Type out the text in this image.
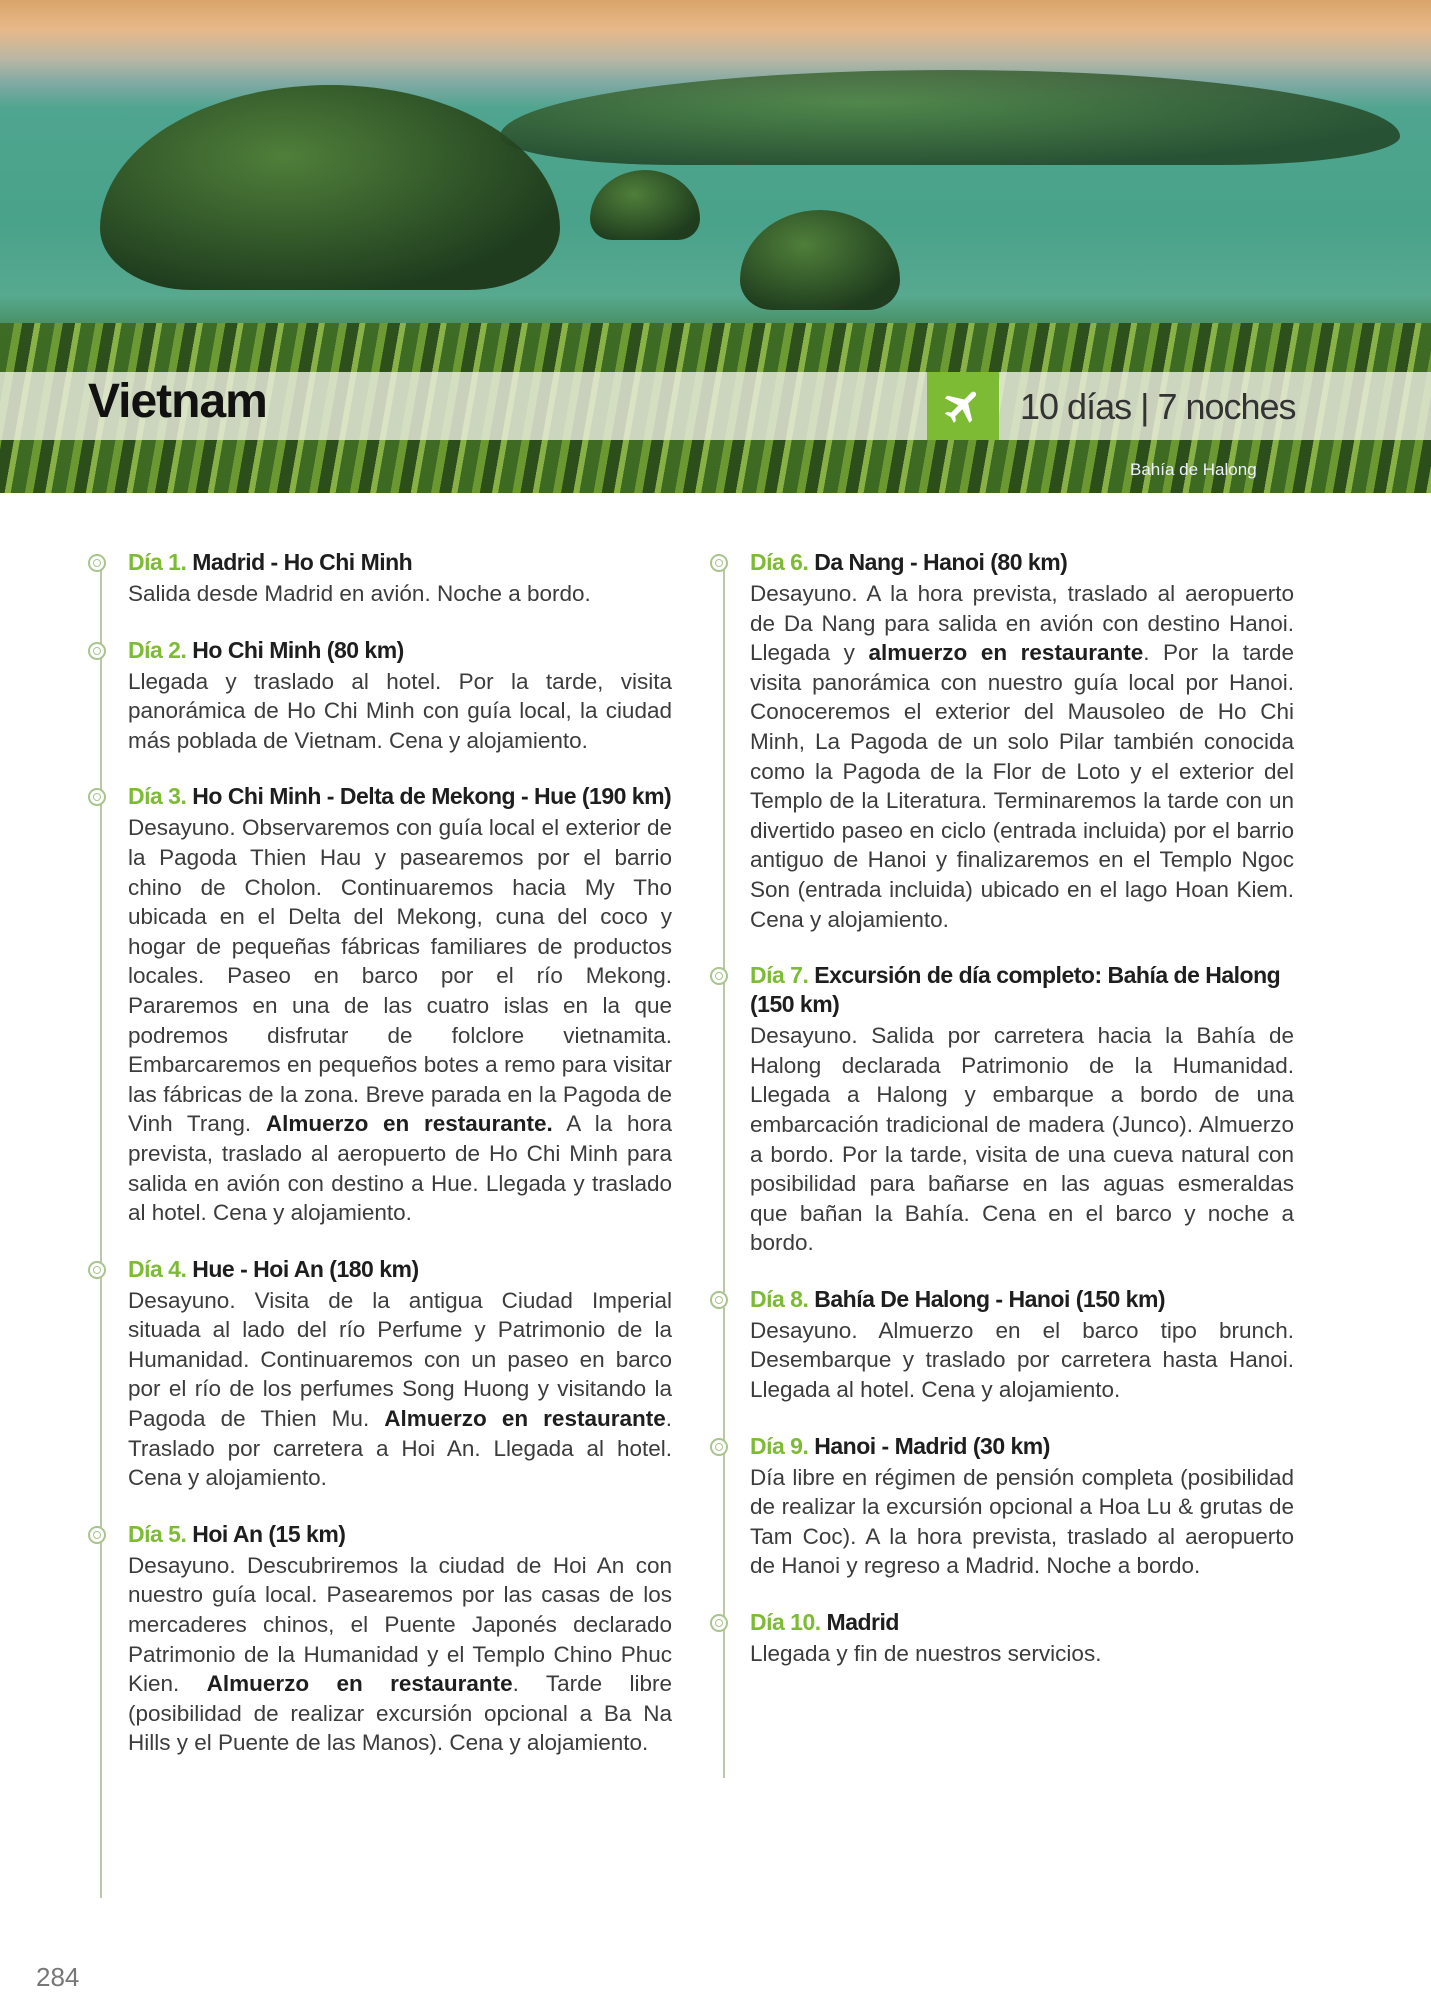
Vietnam	10 días | 7 noches
Bahía de Halong
Día 1. Madrid - Ho Chi Minh
Salida desde Madrid en avión. Noche a bordo.
Día 2. Ho Chi Minh (80 km)
Llegada y traslado al hotel. Por la tarde, visita panorámica de Ho Chi Minh con guía local, la ciudad más poblada de Vietnam. Cena y alojamiento.
Día 3. Ho Chi Minh - Delta de Mekong - Hue (190 km)
Desayuno. Observaremos con guía local el exterior de la Pagoda Thien Hau y pasearemos por el barrio chino de Cholon. Continuaremos hacia My Tho ubicada en el Delta del Mekong, cuna del coco y hogar de pequeñas fábricas familiares de productos locales. Paseo en barco por el río Mekong. Pararemos en una de las cuatro islas en la que podremos disfrutar de folclore vietnamita. Embarcaremos en pequeños botes a remo para visitar las fábricas de la zona. Breve parada en la Pagoda de Vinh Trang. Almuerzo en restaurante. A la hora prevista, traslado al aeropuerto de Ho Chi Minh para salida en avión con destino a Hue. Llegada y traslado al hotel. Cena y alojamiento.
Día 4. Hue - Hoi An (180 km)
Desayuno. Visita de la antigua Ciudad Imperial situada al lado del río Perfume y Patrimonio de la Humanidad. Continuaremos con un paseo en barco por el río de los perfumes Song Huong y visitando la Pagoda de Thien Mu. Almuerzo en restaurante. Traslado por carretera a Hoi An. Llegada al hotel. Cena y alojamiento.
Día 5. Hoi An (15 km)
Desayuno. Descubriremos la ciudad de Hoi An con nuestro guía local. Pasearemos por las casas de los mercaderes chinos, el Puente Japonés declarado Patrimonio de la Humanidad y el Templo Chino Phuc Kien. Almuerzo en restaurante. Tarde libre (posibilidad de realizar excursión opcional a Ba Na Hills y el Puente de las Manos). Cena y alojamiento.
Día 6. Da Nang - Hanoi (80 km)
Desayuno. A la hora prevista, traslado al aeropuerto de Da Nang para salida en avión con destino Hanoi. Llegada y almuerzo en restaurante. Por la tarde visita panorámica con nuestro guía local por Hanoi. Conoceremos el exterior del Mausoleo de Ho Chi Minh, La Pagoda de un solo Pilar también conocida como la Pagoda de la Flor de Loto y el exterior del Templo de la Literatura. Terminaremos la tarde con un divertido paseo en ciclo (entrada incluida) por el barrio antiguo de Hanoi y finalizaremos en el Templo Ngoc Son (entrada incluida) ubicado en el lago Hoan Kiem. Cena y alojamiento.
Día 7. Excursión de día completo: Bahía de Halong (150 km)
Desayuno. Salida por carretera hacia la Bahía de Halong declarada Patrimonio de la Humanidad. Llegada a Halong y embarque a bordo de una embarcación tradicional de madera (Junco). Almuerzo a bordo. Por la tarde, visita de una cueva natural con posibilidad para bañarse en las aguas esmeraldas que bañan la Bahía. Cena en el barco y noche a bordo.
Día 8. Bahía De Halong - Hanoi (150 km)
Desayuno. Almuerzo en el barco tipo brunch. Desembarque y traslado por carretera hasta Hanoi. Llegada al hotel. Cena y alojamiento.
Día 9. Hanoi - Madrid (30 km)
Día libre en régimen de pensión completa (posibilidad de realizar la excursión opcional a Hoa Lu & grutas de Tam Coc). A la hora prevista, traslado al aeropuerto de Hanoi y regreso a Madrid. Noche a bordo.
Día 10. Madrid
Llegada y fin de nuestros servicios.
284
